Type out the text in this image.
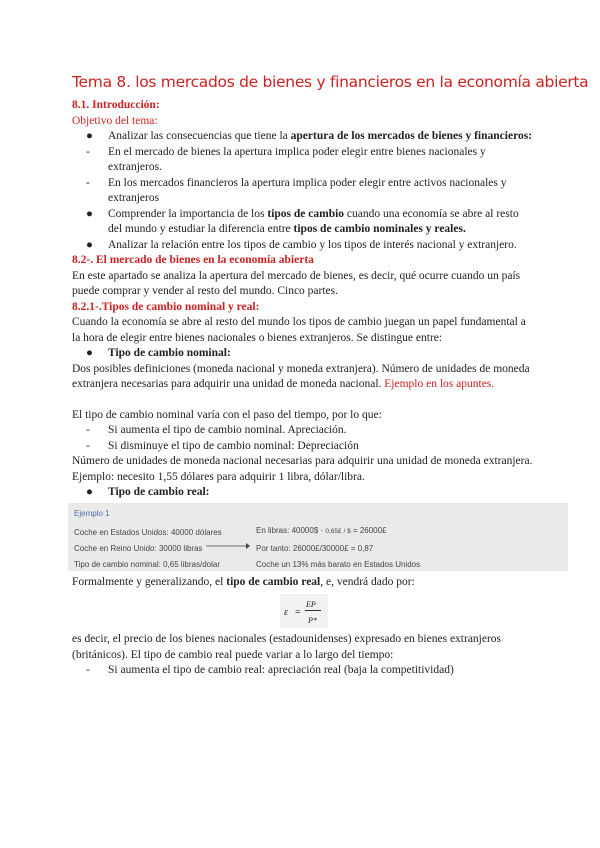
Tema 8. los mercados de bienes y financieros en la economía abierta

8.1. Introducción:

Objetivo del tema:

● Analizar las consecuencias que tiene la apertura de los mercados de bienes y financieros:
- En el mercado de bienes la apertura implica poder elegir entre bienes nacionales y extranjeros.
- En los mercados financieros la apertura implica poder elegir entre activos nacionales y extranjeros
● Comprender la importancia de los tipos de cambio cuando una economía se abre al resto del mundo y estudiar la diferencia entre tipos de cambio nominales y reales.
● Analizar la relación entre los tipos de cambio y los tipos de interés nacional y extranjero.

8.2-. El mercado de bienes en la economía abierta

En este apartado se analiza la apertura del mercado de bienes, es decir, qué ocurre cuando un país puede comprar y vender al resto del mundo. Cinco partes.

8.2.1-.Tipos de cambio nominal y real:

Cuando la economía se abre al resto del mundo los tipos de cambio juegan un papel fundamental a la hora de elegir entre bienes nacionales o bienes extranjeros. Se distingue entre:

● Tipo de cambio nominal:

Dos posibles definiciones (moneda nacional y moneda extranjera). Número de unidades de moneda extranjera necesarias para adquirir una unidad de moneda nacional. Ejemplo en los apuntes.

El tipo de cambio nominal varía con el paso del tiempo, por lo que:

- Si aumenta el tipo de cambio nominal. Apreciación.
- Si disminuye el tipo de cambio nominal: Depreciación

Número de unidades de moneda nacional necesarias para adquirir una unidad de moneda extranjera. Ejemplo: necesito 1,55 dólares para adquirir 1 libra, dólar/libra.

● Tipo de cambio real:
Ejemplo 1
Coche en Estados Unidos: 40000 dólares
Coche en Reino Unido: 30000 libras
Tipo de cambio nominal: 0,65 libras/dolar
En libras: 40000$ · 0,65£ / $ = 26000£
Por tanto: 26000£/30000£ = 0,87
Coche un 13% más barato en Estados Unidos

Formalmente y generalizando, el tipo de cambio real, e, vendrá dado por:

ε =
EP
P*

es decir, el precio de los bienes nacionales (estadounidenses) expresado en bienes extranjeros (británicos). El tipo de cambio real puede variar a lo largo del tiempo:

- Si aumenta el tipo de cambio real: apreciación real (baja la competitividad)
